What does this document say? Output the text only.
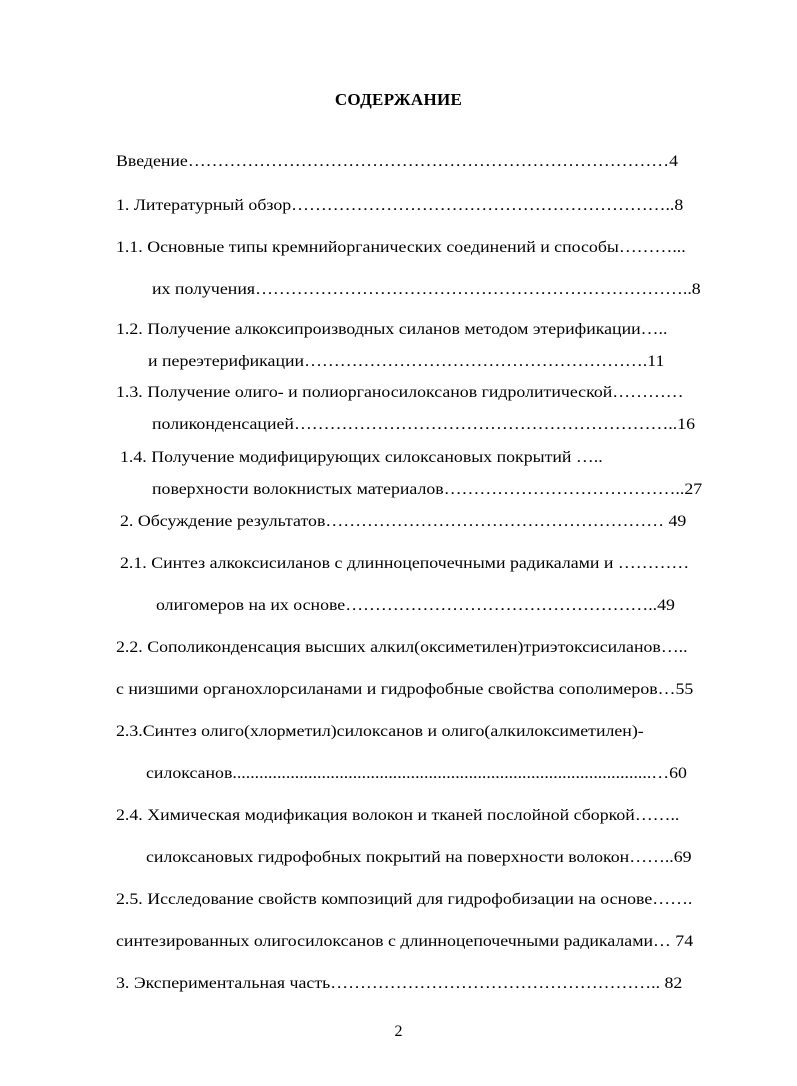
СОДЕРЖАНИЕ
Введение………………………………………………………………………4
1. Литературный обзор………………………………………………………..8
1.1. Основные типы кремнийорганических соединений и способы………...
их получения………………………………………………………………..8
1.2. Получение алкоксипроизводных силанов методом этерификации…..
и переэтерификации………………………………………………….11
1.3. Получение олиго- и полиорганосилоксанов гидролитической…………
поликонденсацией………………………………………………………..16
1.4. Получение модифицирующих силоксановых покрытий …..
поверхности волокнистых материалов…………………………………..27
2. Обсуждение результатов………………………………………………… 49
2.1. Синтез алкоксисиланов с длинноцепочечными радикалами и …………
олигомеров на их основе……………………………………………..49
2.2. Сополиконденсация высших алкил(оксиметилен)триэтоксисиланов…..
с низшими органохлорсиланами и гидрофобные свойства сополимеров…55
2.3.Синтез олиго(хлорметил)силоксанов и олиго(алкилоксиметилен)-
силоксанов..............................................................................................…60
2.4. Химическая модификация волокон и тканей послойной сборкой……..
силоксановых гидрофобных покрытий на поверхности волокон……..69
2.5. Исследование свойств композиций для гидрофобизации на основе…….
синтезированных олигосилоксанов с длинноцепочечными радикалами… 74
3. Экспериментальная часть……………………………………………….. 82
2
